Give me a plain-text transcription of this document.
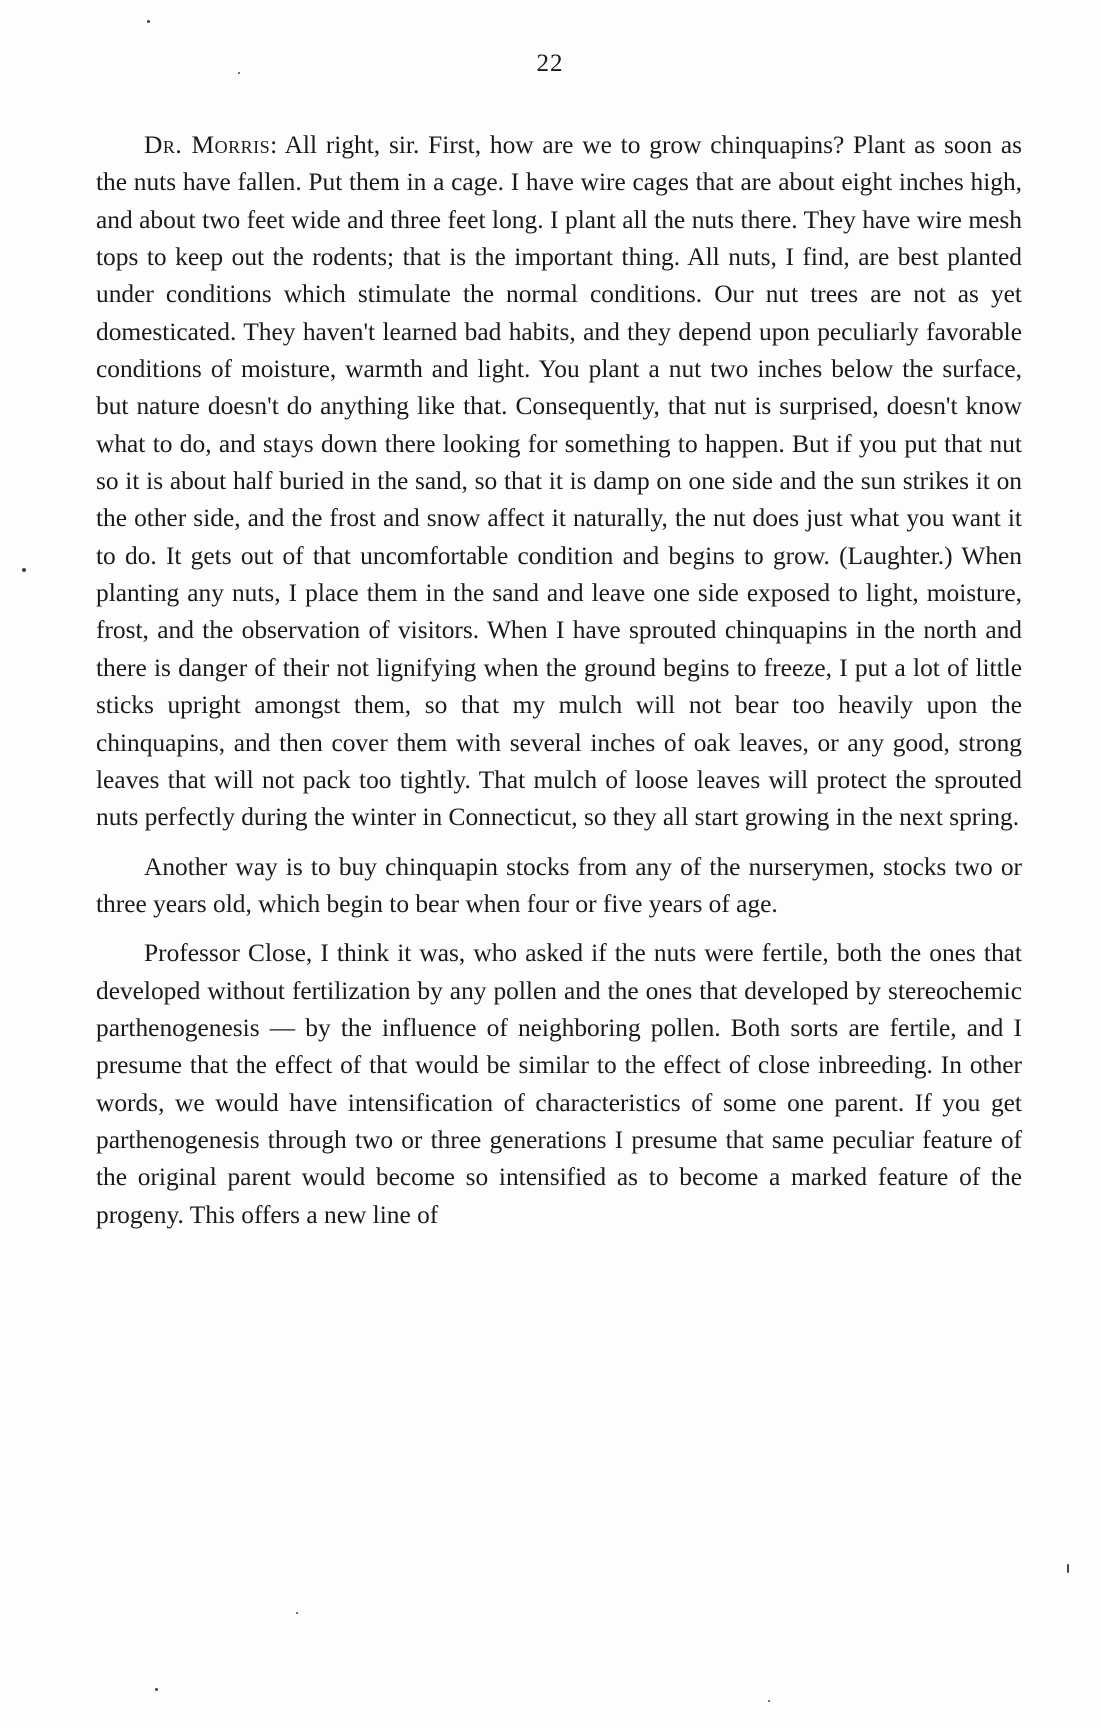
22

Dr. Morris: All right, sir. First, how are we to grow chinquapins? Plant as soon as the nuts have fallen. Put them in a cage. I have wire cages that are about eight inches high, and about two feet wide and three feet long. I plant all the nuts there. They have wire mesh tops to keep out the rodents; that is the important thing. All nuts, I find, are best planted under conditions which stimulate the normal conditions. Our nut trees are not as yet domesticated. They haven't learned bad habits, and they depend upon peculiarly favorable conditions of moisture, warmth and light. You plant a nut two inches below the surface, but nature doesn't do anything like that. Consequently, that nut is surprised, doesn't know what to do, and stays down there looking for something to happen. But if you put that nut so it is about half buried in the sand, so that it is damp on one side and the sun strikes it on the other side, and the frost and snow affect it naturally, the nut does just what you want it to do. It gets out of that uncomfortable condition and begins to grow. (Laughter.) When planting any nuts, I place them in the sand and leave one side exposed to light, moisture, frost, and the observation of visitors. When I have sprouted chinquapins in the north and there is danger of their not lignifying when the ground begins to freeze, I put a lot of little sticks upright amongst them, so that my mulch will not bear too heavily upon the chinquapins, and then cover them with several inches of oak leaves, or any good, strong leaves that will not pack too tightly. That mulch of loose leaves will protect the sprouted nuts perfectly during the winter in Connecticut, so they all start growing in the next spring.

Another way is to buy chinquapin stocks from any of the nurserymen, stocks two or three years old, which begin to bear when four or five years of age.

Professor Close, I think it was, who asked if the nuts were fertile, both the ones that developed without fertilization by any pollen and the ones that developed by stereochemic parthenogenesis — by the influence of neighboring pollen. Both sorts are fertile, and I presume that the effect of that would be similar to the effect of close inbreeding. In other words, we would have intensification of characteristics of some one parent. If you get parthenogenesis through two or three generations I presume that same peculiar feature of the original parent would become so intensified as to become a marked feature of the progeny. This offers a new line of
